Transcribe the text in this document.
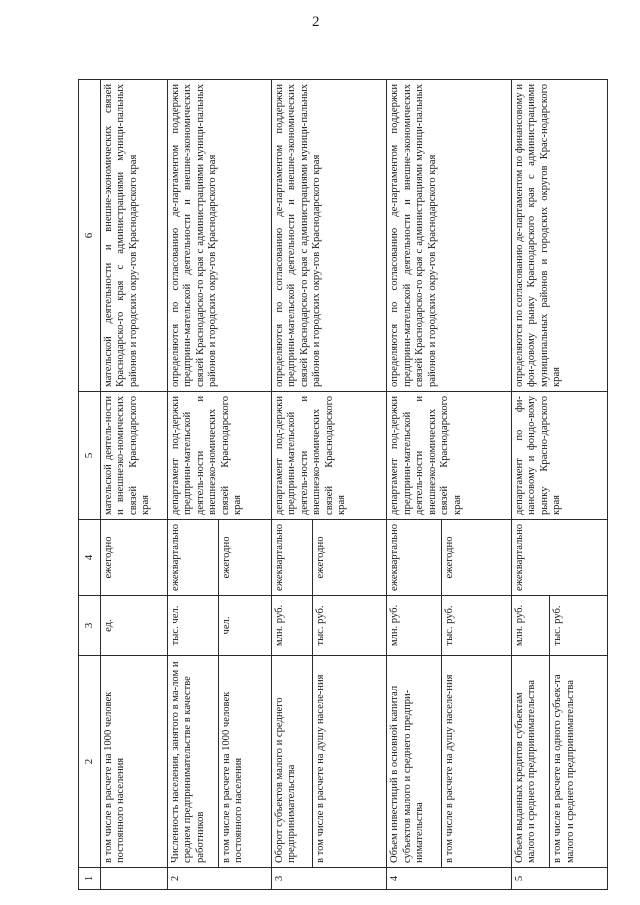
2
1	2	3	4	5	6
	в том числе в расчете на 1000 человек постоянного населения	ед.	ежегодно	мательской деятель-ности и внешнеэко-номических связей Краснодарского края	мательской деятельности и внешне-экономических связей Краснодарско-го края с администрациями муници-пальных районов и городских окру-гов Краснодарского края
2	Численность населения, занятого в ма-лом и среднем предпринимательстве в качестве работников	тыс. чел.	ежеквартально	департамент под-держки предприни-мательской деятель-ности и внешнеэко-номических связей Краснодарского края	определяются по согласованию де-партаментом поддержки предприни-мательской деятельности и внешне-экономических связей Краснодарско-го края с администрациями муници-пальных районов и городских окру-гов Краснодарского края
	в том числе в расчете на 1000 человек постоянного населения	чел.	ежегодно		
3	Оборот субъектов малого и среднего предпринимательства	млн. руб.	ежеквартально	департамент под-держки предприни-мательской деятель-ности и внешнеэко-номических связей Краснодарского края	определяются по согласованию де-партаментом поддержки предприни-мательской деятельности и внешне-экономических связей Краснодарско-го края с администрациями муници-пальных районов и городских окру-гов Краснодарского края
	в том числе в расчете на душу населе-ния	тыс. руб.	ежегодно		
4	Объем инвестиций в основной капитал субъектов малого и среднего предпри-нимательства	млн. руб.	ежеквартально	департамент под-держки предприни-мательской деятель-ности и внешнеэко-номических связей Краснодарского края	определяются по согласованию де-партаментом поддержки предприни-мательской деятельности и внешне-экономических связей Краснодарско-го края с администрациями муници-пальных районов и городских окру-гов Краснодарского края
	в том числе в расчете на душу населе-ния	тыс. руб.	ежегодно		
5	Объем выданных кредитов субъектам малого и среднего предпринимательства	млн. руб.	ежеквартально	департамент по фи-нансовому и фондо-вому рынку Красно-дарского края	определяются по согласованию де-партаментом по финансовому и фон-довому рынку Краснодарского края с администрациями муниципальных районов и городских округов Крас-нодарского края
	в том числе в расчете на одного субъек-та малого и среднего предпринимательства	тыс. руб.			
